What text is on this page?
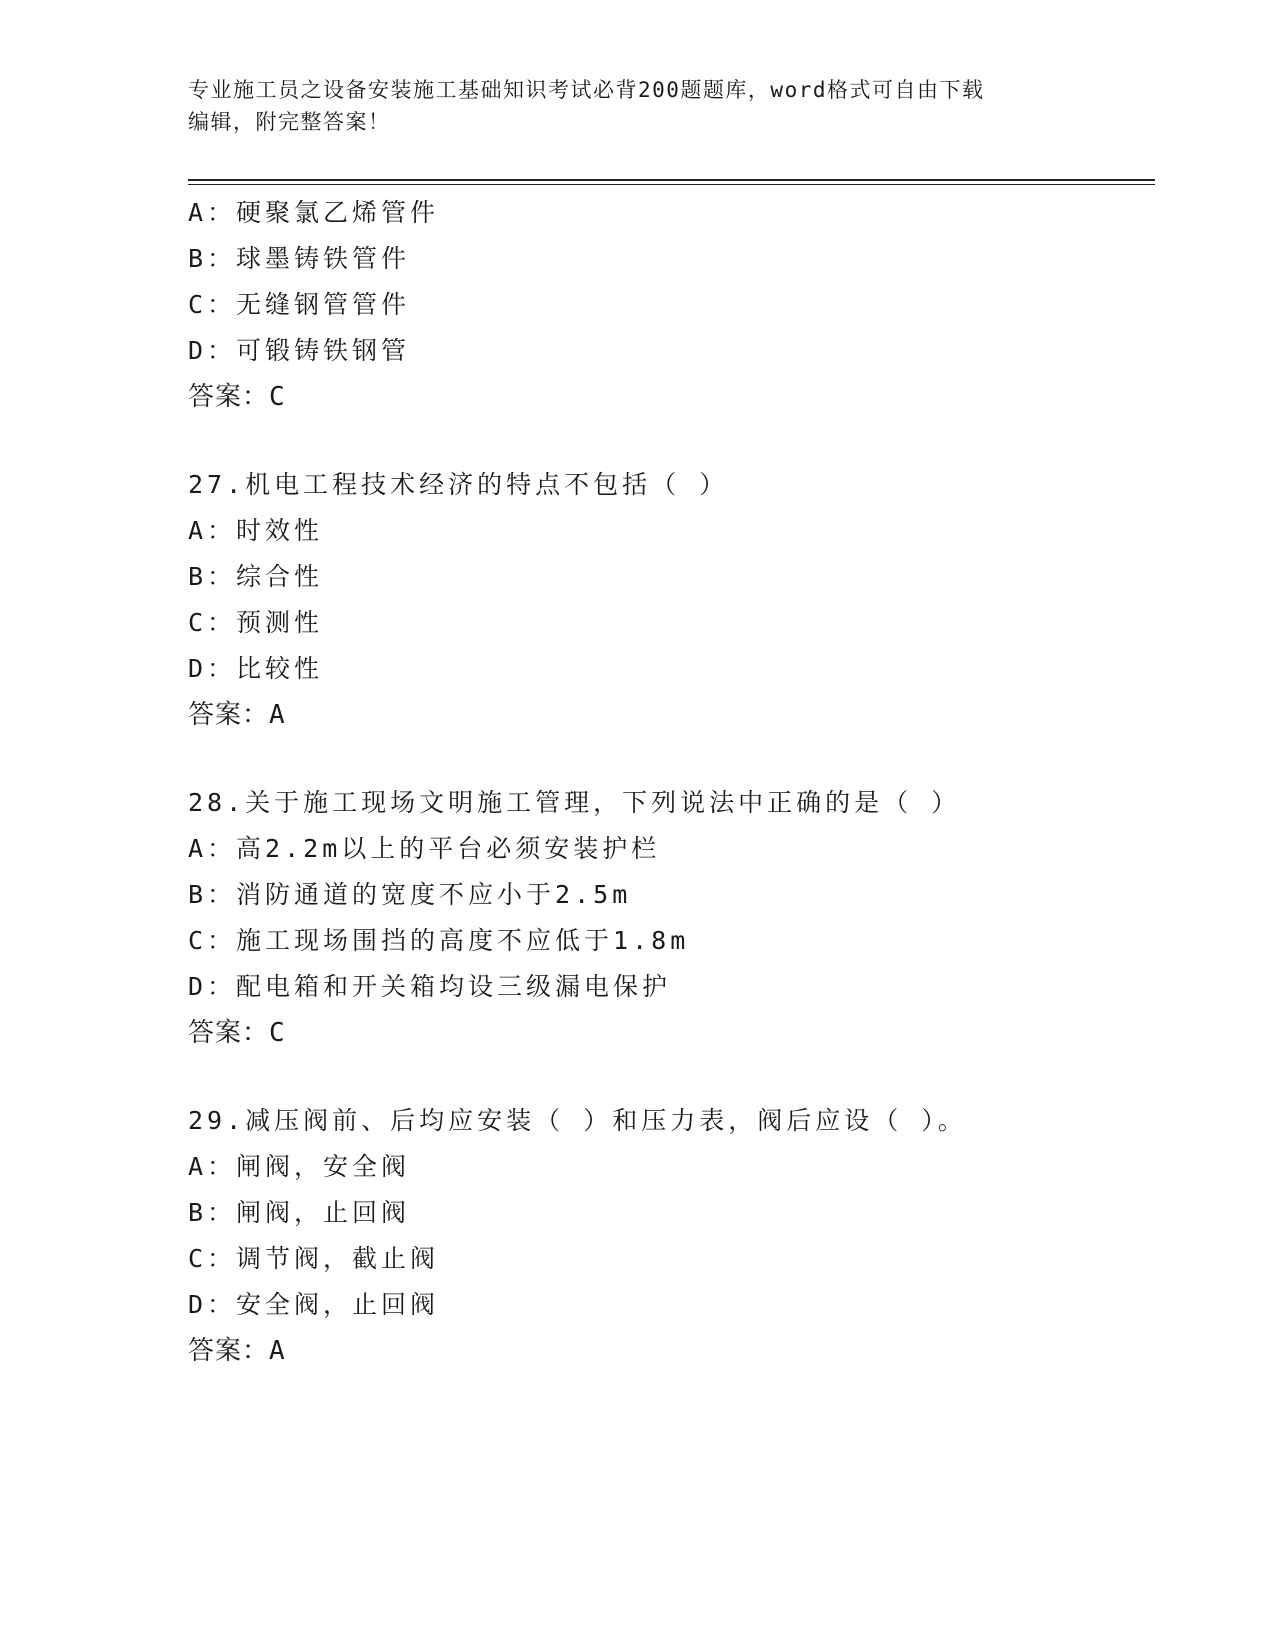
专业施工员之设备安装施工基础知识考试必背200题题库，word格式可自由下载
编辑，附完整答案！
A：硬聚氯乙烯管件
B：球墨铸铁管件
C：无缝钢管管件
D：可锻铸铁钢管
答案：C
27.机电工程技术经济的特点不包括（ ）
A：时效性
B：综合性
C：预测性
D：比较性
答案：A
28.关于施工现场文明施工管理，下列说法中正确的是（ ）
A：高2.2m以上的平台必须安装护栏
B：消防通道的宽度不应小于2.5m
C：施工现场围挡的高度不应低于1.8m
D：配电箱和开关箱均设三级漏电保护
答案：C
29.减压阀前、后均应安装（ ）和压力表，阀后应设（ ）。
A：闸阀，安全阀
B：闸阀，止回阀
C：调节阀，截止阀
D：安全阀，止回阀
答案：A
